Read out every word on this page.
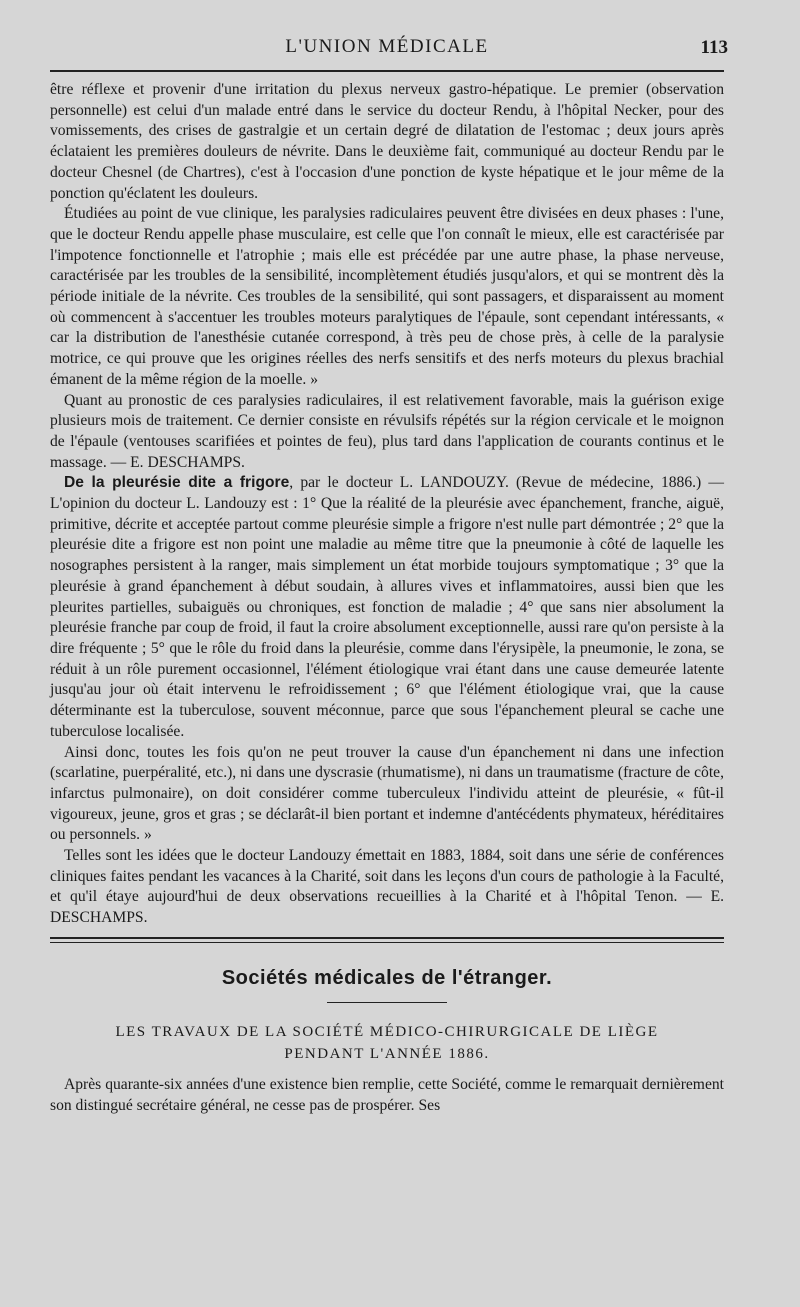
L'UNION MÉDICALE	113

être réflexe et provenir d'une irritation du plexus nerveux gastro-hépatique. Le premier (observation personnelle) est celui d'un malade entré dans le service du docteur Rendu, à l'hôpital Necker, pour des vomissements, des crises de gastralgie et un certain degré de dilatation de l'estomac ; deux jours après éclataient les premières douleurs de névrite. Dans le deuxième fait, communiqué au docteur Rendu par le docteur Chesnel (de Chartres), c'est à l'occasion d'une ponction de kyste hépatique et le jour même de la ponction qu'éclatent les douleurs.

Étudiées au point de vue clinique, les paralysies radiculaires peuvent être divisées en deux phases : l'une, que le docteur Rendu appelle phase musculaire, est celle que l'on connaît le mieux, elle est caractérisée par l'impotence fonctionnelle et l'atrophie ; mais elle est précédée par une autre phase, la phase nerveuse, caractérisée par les troubles de la sensibilité, incomplètement étudiés jusqu'alors, et qui se montrent dès la période initiale de la névrite. Ces troubles de la sensibilité, qui sont passagers, et disparaissent au moment où commencent à s'accentuer les troubles moteurs paralytiques de l'épaule, sont cependant intéressants, « car la distribution de l'anesthésie cutanée correspond, à très peu de chose près, à celle de la paralysie motrice, ce qui prouve que les origines réelles des nerfs sensitifs et des nerfs moteurs du plexus brachial émanent de la même région de la moelle. »

Quant au pronostic de ces paralysies radiculaires, il est relativement favorable, mais la guérison exige plusieurs mois de traitement. Ce dernier consiste en révulsifs répétés sur la région cervicale et le moignon de l'épaule (ventouses scarifiées et pointes de feu), plus tard dans l'application de courants continus et le massage. — E. DESCHAMPS.

De la pleurésie dite a frigore, par le docteur L. LANDOUZY. (Revue de médecine, 1886.) — L'opinion du docteur L. Landouzy est : 1° Que la réalité de la pleurésie avec épanchement, franche, aiguë, primitive, décrite et acceptée partout comme pleurésie simple a frigore n'est nulle part démontrée ; 2° que la pleurésie dite a frigore est non point une maladie au même titre que la pneumonie à côté de laquelle les nosographes persistent à la ranger, mais simplement un état morbide toujours symptomatique ; 3° que la pleurésie à grand épanchement à début soudain, à allures vives et inflammatoires, aussi bien que les pleurites partielles, subaiguës ou chroniques, est fonction de maladie ; 4° que sans nier absolument la pleurésie franche par coup de froid, il faut la croire absolument exceptionnelle, aussi rare qu'on persiste à la dire fréquente ; 5° que le rôle du froid dans la pleurésie, comme dans l'érysipèle, la pneumonie, le zona, se réduit à un rôle purement occasionnel, l'élément étiologique vrai étant dans une cause demeurée latente jusqu'au jour où était intervenu le refroidissement ; 6° que l'élément étiologique vrai, que la cause déterminante est la tuberculose, souvent méconnue, parce que sous l'épanchement pleural se cache une tuberculose localisée.

Ainsi donc, toutes les fois qu'on ne peut trouver la cause d'un épanchement ni dans une infection (scarlatine, puerpéralité, etc.), ni dans une dyscrasie (rhumatisme), ni dans un traumatisme (fracture de côte, infarctus pulmonaire), on doit considérer comme tuberculeux l'individu atteint de pleurésie, « fût-il vigoureux, jeune, gros et gras ; se déclarât-il bien portant et indemne d'antécédents phymateux, héréditaires ou personnels. »

Telles sont les idées que le docteur Landouzy émettait en 1883, 1884, soit dans une série de conférences cliniques faites pendant les vacances à la Charité, soit dans les leçons d'un cours de pathologie à la Faculté, et qu'il étaye aujourd'hui de deux observations recueillies à la Charité et à l'hôpital Tenon. — E. DESCHAMPS.

Sociétés médicales de l'étranger.
LES TRAVAUX DE LA SOCIÉTÉ MÉDICO-CHIRURGICALE DE LIÈGE
PENDANT L'ANNÉE 1886.

Après quarante-six années d'une existence bien remplie, cette Société, comme le remarquait dernièrement son distingué secrétaire général, ne cesse pas de prospérer. Ses
